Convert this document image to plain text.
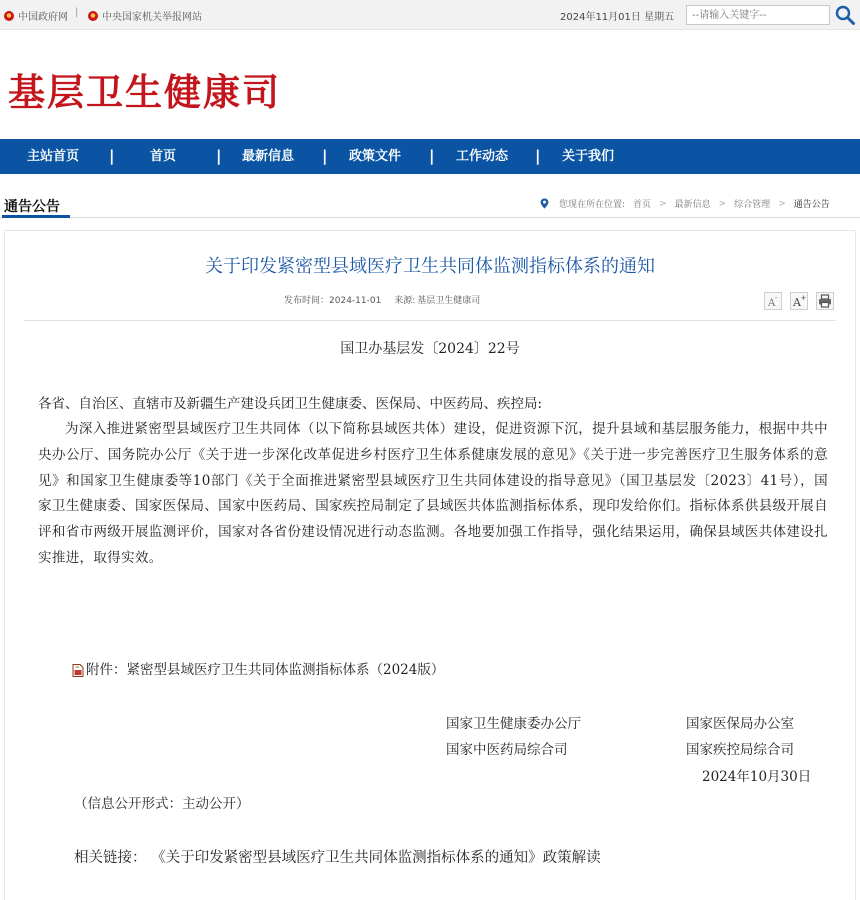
中国政府网 | 中央国家机关举报网站	2024年11月01日 星期五
--请输入关键字--
基层卫生健康司
主站首页 |	首页	| 最新信息 | 政策文件 | 工作动态 | 关于我们
通告公告	您现在所在位置: 首页 > 最新信息 > 综合管理 > 通告公告
关于印发紧密型县域医疗卫生共同体监测指标体系的通知
发布时间：2024-11-01 来源: 基层卫生健康司	A - A +
国卫办基层发〔2024〕22号
各省、自治区、直辖市及新疆生产建设兵团卫生健康委、医保局、中医药局、疾控局:
为深入推进紧密型县域医疗卫生共同体（以下简称县域医共体）建设，促进资源下沉，提升县域和基层服务能力，根据中共中央办公厅、国务院办公厅《关于进一步深化改革促进乡村医疗卫生体系健康发展的意见》《关于进一步完善医疗卫生服务体系的意见》和国家卫生健康委等10部门《关于全面推进紧密型县域医疗卫生共同体建设的指导意见》（国卫基层发〔2023〕41号），国家卫生健康委、国家医保局、国家中医药局、国家疾控局制定了县域医共体监测指标体系，现印发给你们。指标体系供县级开展自评和省市两级开展监测评价，国家对各省份建设情况进行动态监测。各地要加强工作指导，强化结果运用，确保县域医共体建设扎实推进，取得实效。
附件： 紧密型县域医疗卫生共同体监测指标体系（2024版）
国家卫生健康委办公厅	国家医保局办公室
国家中医药局综合司	国家疾控局综合司
2024年10月30日
（信息公开形式：主动公开）
相关链接： 《关于印发紧密型县域医疗卫生共同体监测指标体系的通知》政策解读
